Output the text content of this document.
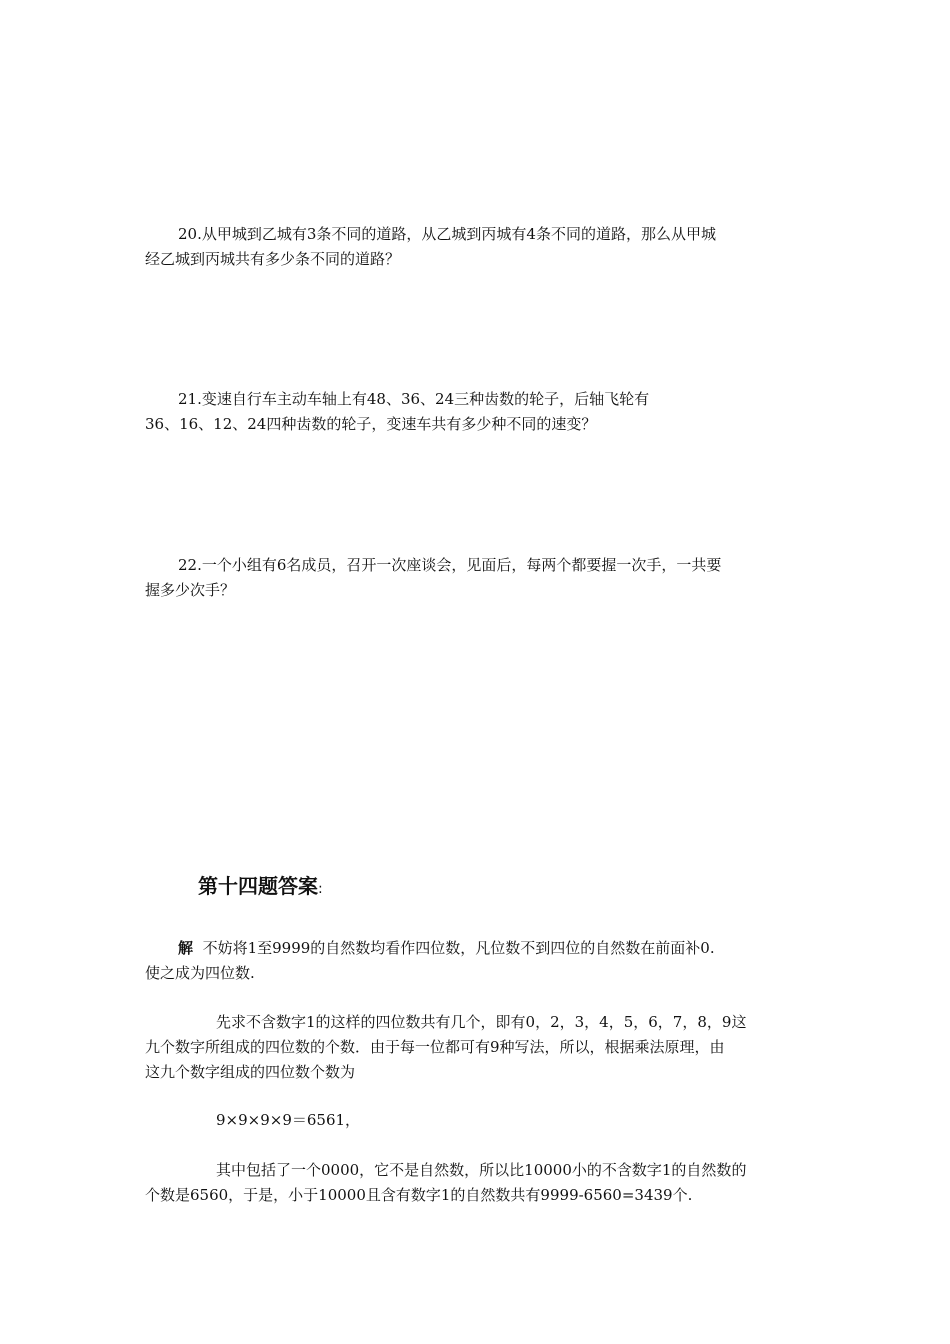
20.从甲城到乙城有3条不同的道路，从乙城到丙城有4条不同的道路，那么从甲城
经乙城到丙城共有多少条不同的道路？
21.变速自行车主动车轴上有48、36、24三种齿数的轮子，后轴飞轮有
36、16、12、24四种齿数的轮子，变速车共有多少种不同的速变？
22.一个小组有6名成员，召开一次座谈会，见面后，每两个都要握一次手，一共要
握多少次手？
第十四题答案:
解 不妨将1至9999的自然数均看作四位数，凡位数不到四位的自然数在前面补0.
使之成为四位数.
先求不含数字1的这样的四位数共有几个，即有0，2，3，4，5，6，7，8，9这
九个数字所组成的四位数的个数．由于每一位都可有9种写法，所以，根据乘法原理，由
这九个数字组成的四位数个数为
9×9×9×9＝6561，
其中包括了一个0000，它不是自然数，所以比10000小的不含数字1的自然数的
个数是6560，于是，小于10000且含有数字1的自然数共有9999-6560=3439个.
